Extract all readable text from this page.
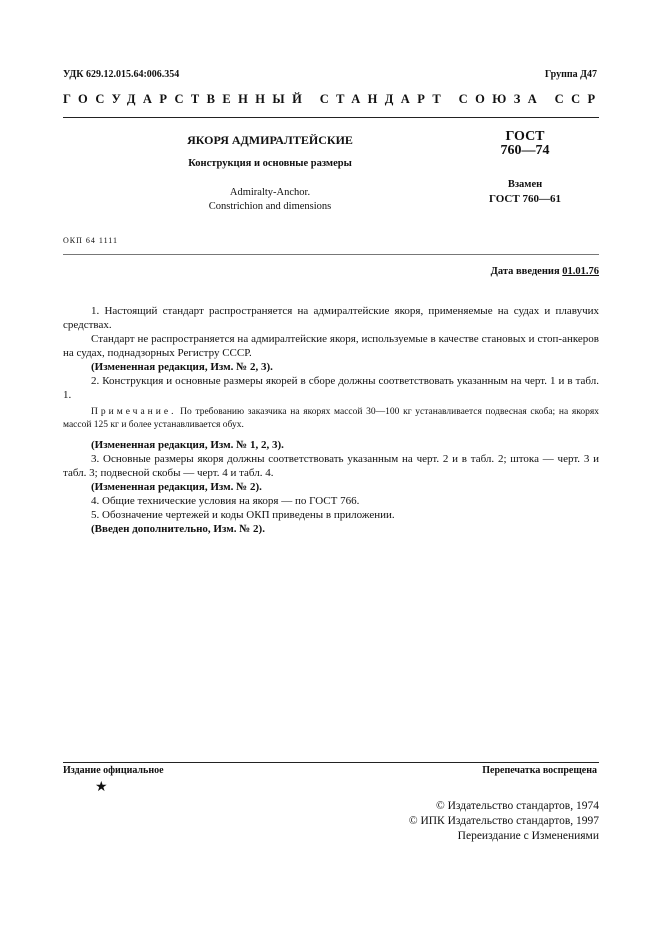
УДК 629.12.015.64:006.354	Группа Д47
ГОСУДАРСТВЕННЫЙ СТАНДАРТ СОЮЗА ССР
ЯКОРЯ АДМИРАЛТЕЙСКИЕ
Конструкция и основные размеры
Admiralty-Anchor.
Constrichion and dimensions
ГОСТ
760—74
Взамен
ГОСТ 760—61
ОКП 64 1111
Дата введения 01.01.76

1. Настоящий стандарт распространяется на адмиралтейские якоря, применяемые на судах и плавучих средствах.

Стандарт не распространяется на адмиралтейские якоря, используемые в качестве становых и стоп-анкеров на судах, поднадзорных Регистру СССР.

(Измененная редакция, Изм. № 2, 3).

2. Конструкция и основные размеры якорей в сборе должны соответствовать указанным на черт. 1 и в табл. 1.

Примечание. По требованию заказчика на якорях массой 30—100 кг устанавливается подвесная скоба; на якорях массой 125 кг и более устанавливается обух.

(Измененная редакция, Изм. № 1, 2, 3).

3. Основные размеры якоря должны соответствовать указанным на черт. 2 и в табл. 2; штока — черт. 3 и табл. 3; подвесной скобы — черт. 4 и табл. 4.

(Измененная редакция, Изм. № 2).

4. Общие технические условия на якоря — по ГОСТ 766.

5. Обозначение чертежей и коды ОКП приведены в приложении.

(Введен дополнительно, Изм. № 2).

Издание официальное	Перепечатка воспрещена
★
© Издательство стандартов, 1974
© ИПК Издательство стандартов, 1997
Переиздание с Изменениями
